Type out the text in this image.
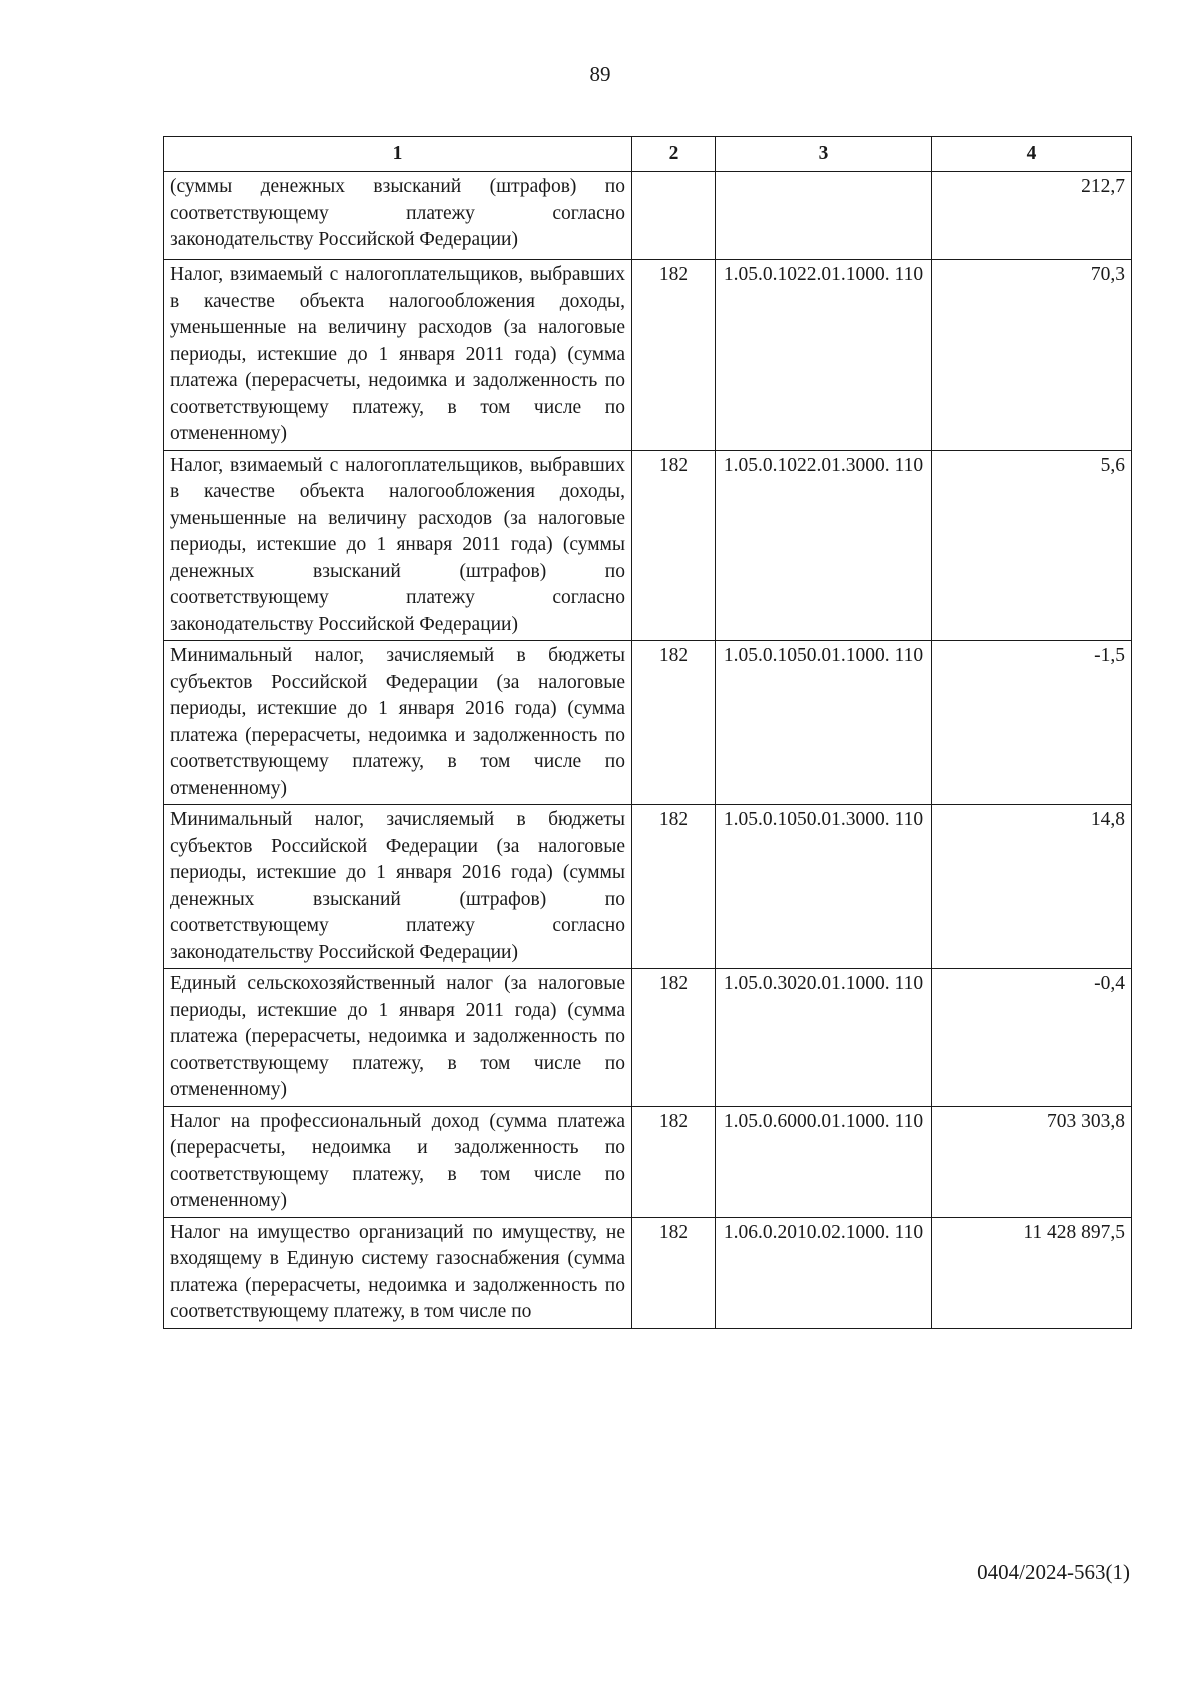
89
1	2	3	4
(суммы денежных взысканий (штрафов) по соответствующему платежу согласно законодательству Российской Федерации)			212,7
Налог, взимаемый с налогоплательщиков, выбравших в качестве объекта налогообложения доходы, уменьшенные на величину расходов (за налоговые периоды, истекшие до 1 января 2011 года) (сумма платежа (перерасчеты, недоимка и задолженность по соответствующему платежу, в том числе по отмененному)	182	1.05.0.1022.01.1000. 110	70,3
Налог, взимаемый с налогоплательщиков, выбравших в качестве объекта налогообложения доходы, уменьшенные на величину расходов (за налоговые периоды, истекшие до 1 января 2011 года) (суммы денежных взысканий (штрафов) по соответствующему платежу согласно законодательству Российской Федерации)	182	1.05.0.1022.01.3000. 110	5,6
Минимальный налог, зачисляемый в бюджеты субъектов Российской Федерации (за налоговые периоды, истекшие до 1 января 2016 года) (сумма платежа (перерасчеты, недоимка и задолженность по соответствующему платежу, в том числе по отмененному)	182	1.05.0.1050.01.1000. 110	-1,5
Минимальный налог, зачисляемый в бюджеты субъектов Российской Федерации (за налоговые периоды, истекшие до 1 января 2016 года) (суммы денежных взысканий (штрафов) по соответствующему платежу согласно законодательству Российской Федерации)	182	1.05.0.1050.01.3000. 110	14,8
Единый сельскохозяйственный налог (за налоговые периоды, истекшие до 1 января 2011 года) (сумма платежа (перерасчеты, недоимка и задолженность по соответствующему платежу, в том числе по отмененному)	182	1.05.0.3020.01.1000. 110	-0,4
Налог на профессиональный доход (сумма платежа (перерасчеты, недоимка и задолженность по соответствующему платежу, в том числе по отмененному)	182	1.05.0.6000.01.1000. 110	703 303,8
Налог на имущество организаций по имуществу, не входящему в Единую систему газоснабжения (сумма платежа (перерасчеты, недоимка и задолженность по соответствующему платежу, в том числе по	182	1.06.0.2010.02.1000. 110	11 428 897,5
0404/2024-563(1)
